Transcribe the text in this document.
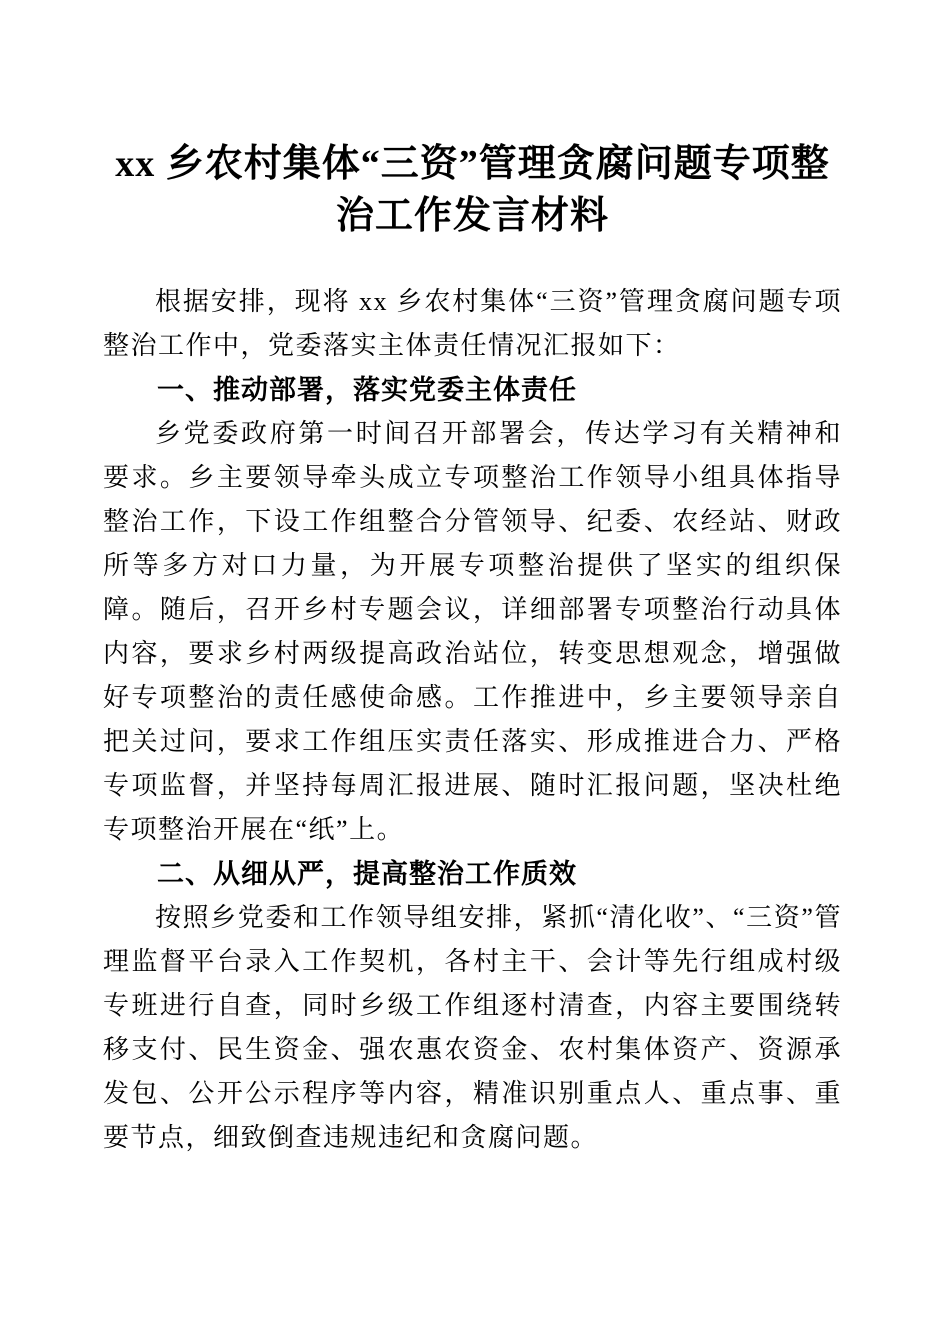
xx 乡农村集体“三资”管理贪腐问题专项整
治工作发言材料

根据安排，现将 xx 乡农村集体“三资”管理贪腐问题专项整治工作中，党委落实主体责任情况汇报如下：

一、推动部署，落实党委主体责任

乡党委政府第一时间召开部署会，传达学习有关精神和要求。乡主要领导牵头成立专项整治工作领导小组具体指导整治工作，下设工作组整合分管领导、纪委、农经站、财政所等多方对口力量，为开展专项整治提供了坚实的组织保障。随后，召开乡村专题会议，详细部署专项整治行动具体内容，要求乡村两级提高政治站位，转变思想观念，增强做好专项整治的责任感使命感。工作推进中，乡主要领导亲自把关过问，要求工作组压实责任落实、形成推进合力、严格专项监督，并坚持每周汇报进展、随时汇报问题，坚决杜绝专项整治开展在“纸”上。

二、从细从严，提高整治工作质效

按照乡党委和工作领导组安排，紧抓“清化收”、“三资”管理监督平台录入工作契机，各村主干、会计等先行组成村级专班进行自查，同时乡级工作组逐村清查，内容主要围绕转移支付、民生资金、强农惠农资金、农村集体资产、资源承发包、公开公示程序等内容，精准识别重点人、重点事、重要节点，细致倒查违规违纪和贪腐问题。
